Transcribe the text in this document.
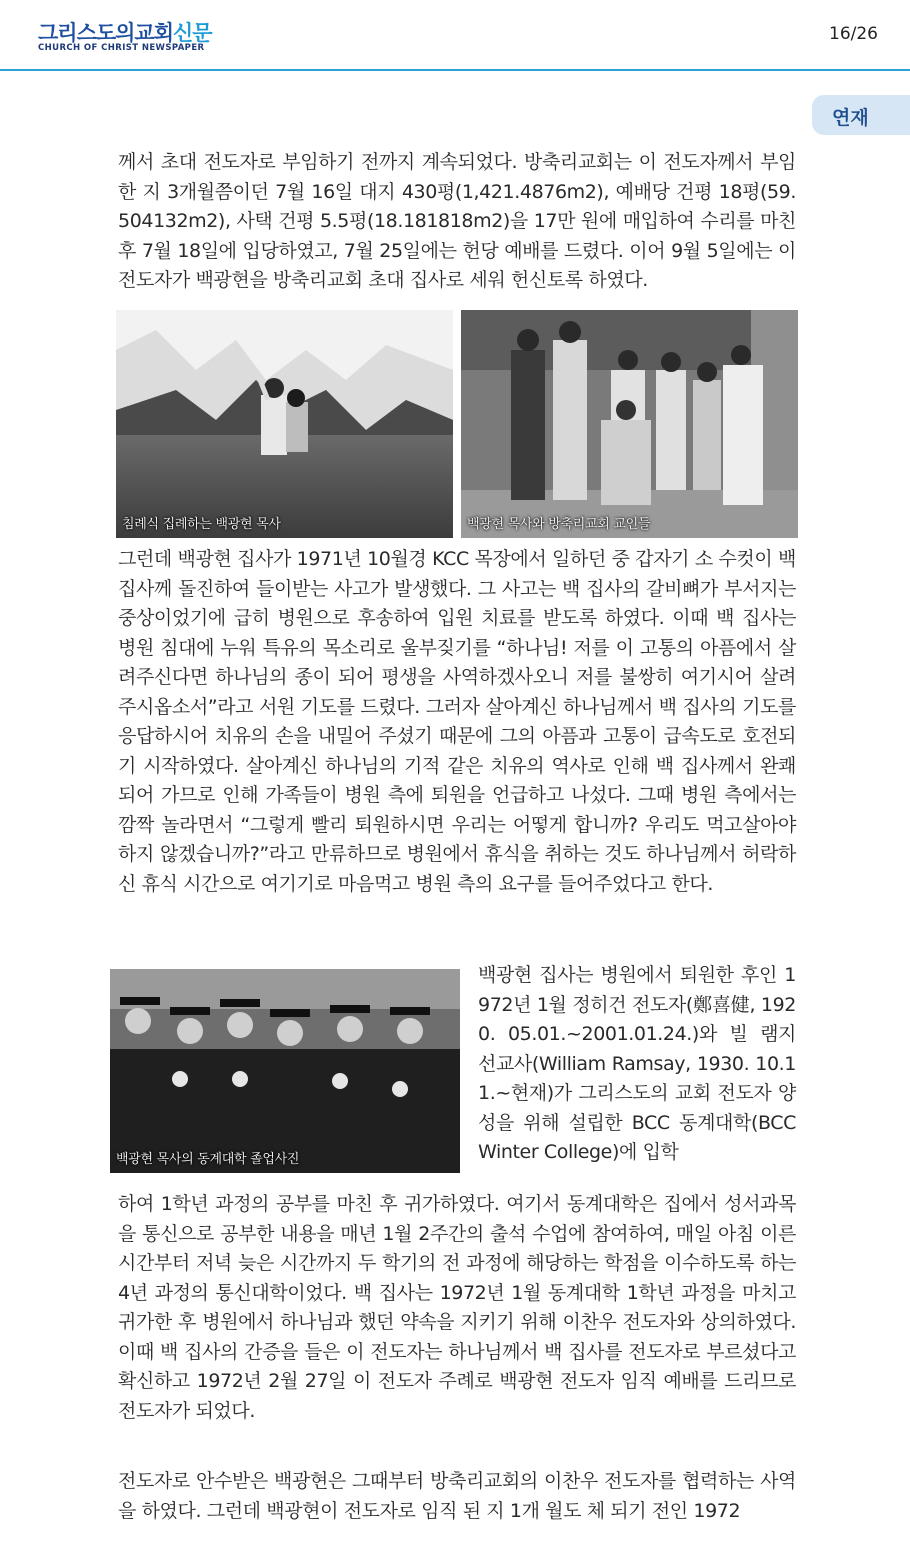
그리스도의교회신문
CHURCH OF CHRIST NEWSPAPER
16/26
연재

께서 초대 전도자로 부임하기 전까지 계속되었다. 방축리교회는 이 전도자께서 부임한 지 3개월쯤이던 7월 16일 대지 430평(1,421.4876m2), 예배당 건평 18평(59.504132m2), 사택 건평 5.5평(18.181818m2)을 17만 원에 매입하여 수리를 마친 후 7월 18일에 입당하였고, 7월 25일에는 헌당 예배를 드렸다. 이어 9월 5일에는 이 전도자가 백광현을 방축리교회 초대 집사로 세워 헌신토록 하였다.

침례식 집례하는 백광현 목사	백광현 목사와 방축리교회 교인들

그런데 백광현 집사가 1971년 10월경 KCC 목장에서 일하던 중 갑자기 소 수컷이 백 집사께 돌진하여 들이받는 사고가 발생했다. 그 사고는 백 집사의 갈비뼈가 부서지는 중상이었기에 급히 병원으로 후송하여 입원 치료를 받도록 하였다. 이때 백 집사는 병원 침대에 누워 특유의 목소리로 울부짖기를 “하나님! 저를 이 고통의 아픔에서 살려주신다면 하나님의 종이 되어 평생을 사역하겠사오니 저를 불쌍히 여기시어 살려주시옵소서”라고 서원 기도를 드렸다. 그러자 살아계신 하나님께서 백 집사의 기도를 응답하시어 치유의 손을 내밀어 주셨기 때문에 그의 아픔과 고통이 급속도로 호전되기 시작하였다. 살아계신 하나님의 기적 같은 치유의 역사로 인해 백 집사께서 완쾌되어 가므로 인해 가족들이 병원 측에 퇴원을 언급하고 나섰다. 그때 병원 측에서는 깜짝 놀라면서 “그렇게 빨리 퇴원하시면 우리는 어떻게 합니까? 우리도 먹고살아야 하지 않겠습니까?”라고 만류하므로 병원에서 휴식을 취하는 것도 하나님께서 허락하신 휴식 시간으로 여기기로 마음먹고 병원 측의 요구를 들어주었다고 한다.

백광현 목사의 동계대학 졸업사진

백광현 집사는 병원에서 퇴원한 후인 1972년 1월 정히건 전도자(鄭喜健, 1920. 05.01.~2001.01.24.)와 빌 램지 선교사(William Ramsay, 1930. 10.11.~현재)가 그리스도의 교회 전도자 양성을 위해 설립한 BCC 동계대학(BCC Winter College)에 입학

하여 1학년 과정의 공부를 마친 후 귀가하였다. 여기서 동계대학은 집에서 성서과목을 통신으로 공부한 내용을 매년 1월 2주간의 출석 수업에 참여하여, 매일 아침 이른 시간부터 저녁 늦은 시간까지 두 학기의 전 과정에 해당하는 학점을 이수하도록 하는 4년 과정의 통신대학이었다. 백 집사는 1972년 1월 동계대학 1학년 과정을 마치고 귀가한 후 병원에서 하나님과 했던 약속을 지키기 위해 이찬우 전도자와 상의하였다. 이때 백 집사의 간증을 들은 이 전도자는 하나님께서 백 집사를 전도자로 부르셨다고 확신하고 1972년 2월 27일 이 전도자 주례로 백광현 전도자 임직 예배를 드리므로 전도자가 되었다.

전도자로 안수받은 백광현은 그때부터 방축리교회의 이찬우 전도자를 협력하는 사역을 하였다. 그런데 백광현이 전도자로 임직 된 지 1개 월도 체 되기 전인 1972
